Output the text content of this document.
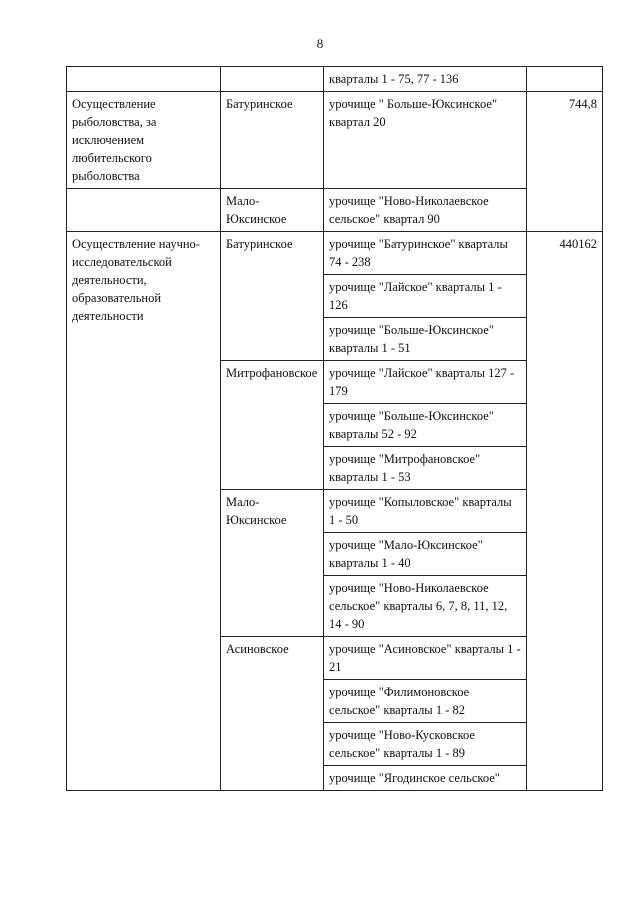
8
		кварталы 1 - 75, 77 - 136	
Осуществление рыболовства, за исключением любительского рыболовства	Батуринское	урочище " Больше-Юксинское" квартал 20	744,8
	Мало-Юксинское	урочище "Ново-Николаевское сельское" квартал 90	
Осуществление научно-исследовательской деятельности, образовательной деятельности	Батуринское	урочище "Батуринское" кварталы 74 - 238	440162
		урочище "Лайское" кварталы 1 - 126	
		урочище "Больше-Юксинское" кварталы 1 - 51	
	Митрофановское	урочище "Лайское" кварталы 127 - 179	
		урочище "Больше-Юксинское" кварталы 52 - 92	
		урочище "Митрофановское" кварталы 1 - 53	
	Мало-Юксинское	урочище "Копыловское" кварталы 1 - 50	
		урочище "Мало-Юксинское" кварталы 1 - 40	
		урочище "Ново-Николаевское сельское" кварталы 6, 7, 8, 11, 12, 14 - 90	
	Асиновское	урочище "Асиновское" кварталы 1 - 21	
		урочище "Филимоновское сельское" кварталы 1 - 82	
		урочище "Ново-Кусковское сельское" кварталы 1 - 89	
		урочище "Ягодинское сельское"	
